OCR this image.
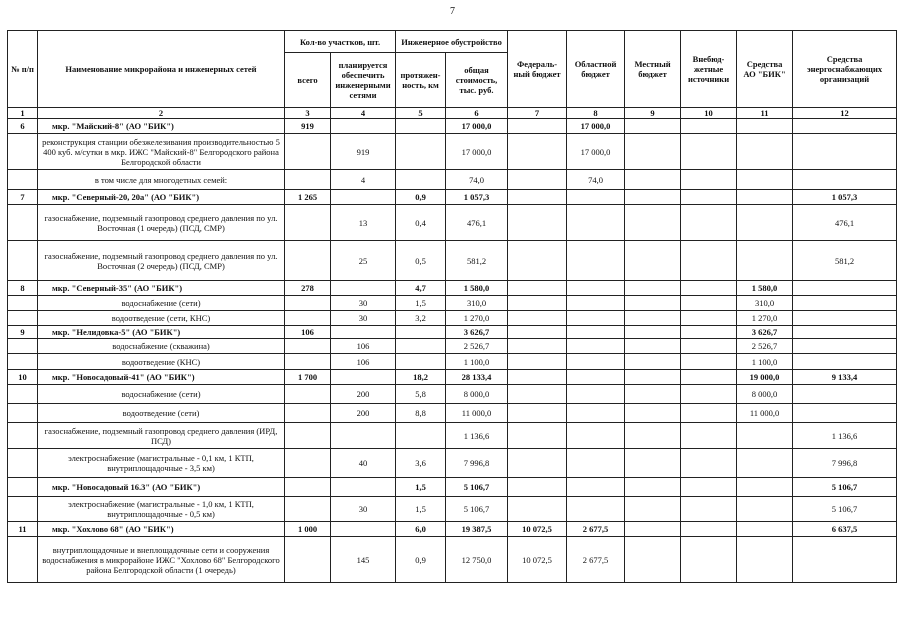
7
№ п/п	Наименование микрорайона и инженерных сетей	Кол-во участков, шт.		Инженерное обустройство		Федераль-ный бюджет	Областной бюджет	Местный бюджет	Внебюд-жетные источники	Средства АО "БИК"	Средства энергоснабжающих организаций
		всего	планируется обеспечить инженерными сетями	протяжен-ность, км	общая стоимость, тыс. руб.						
1	2	3	4	5	6	7	8	9	10	11	12
6	мкр. "Майский-8" (АО "БИК")	919			17 000,0		17 000,0				
	реконструкция станции обезжелезивания производительностью 5 400 куб. м/сутки в мкр. ИЖС "Майский-8" Белгородского района Белгородской области		919		17 000,0		17 000,0				
	в том числе для многодетных семей:		4		74,0		74,0				
7	мкр. "Северный-20, 20а" (АО "БИК")	1 265		0,9	1 057,3						1 057,3
	газоснабжение, подземный газопровод среднего давления по ул. Восточная (1 очередь) (ПСД, СМР)		13	0,4	476,1						476,1
	газоснабжение, подземный газопровод среднего давления по ул. Восточная (2 очередь) (ПСД, СМР)		25	0,5	581,2						581,2
8	мкр. "Северный-35" (АО "БИК")	278		4,7	1 580,0					1 580,0	
	водоснабжение (сети)		30	1,5	310,0					310,0	
	водоотведение (сети, КНС)		30	3,2	1 270,0					1 270,0	
9	мкр. "Нелидовка-5" (АО "БИК")	106			3 626,7					3 626,7	
	водоснабжение (скважина)		106		2 526,7					2 526,7	
	водоотведение (КНС)		106		1 100,0					1 100,0	
10	мкр. "Новосадовый-41" (АО "БИК")	1 700		18,2	28 133,4					19 000,0	9 133,4
	водоснабжение (сети)		200	5,8	8 000,0					8 000,0	
	водоотведение (сети)		200	8,8	11 000,0					11 000,0	
	газоснабжение, подземный газопровод среднего давления (ИРД, ПСД)				1 136,6						1 136,6
	электроснабжение (магистральные - 0,1 км, 1 КТП, внутриплощадочные - 3,5 км)		40	3,6	7 996,8						7 996,8
	мкр. "Новосадовый 16.3" (АО "БИК")			1,5	5 106,7						5 106,7
	электроснабжение (магистральные - 1,0 км, 1 КТП, внутриплощадочные - 0,5 км)		30	1,5	5 106,7						5 106,7
11	мкр. "Хохлово 68" (АО "БИК")	1 000		6,0	19 387,5	10 072,5	2 677,5				6 637,5
	внутриплощадочные и внеплощадочные сети и сооружения водоснабжения в микрорайоне ИЖС "Хохлово 68" Белгородского района Белгородской области (1 очередь)		145	0,9	12 750,0	10 072,5	2 677,5				
